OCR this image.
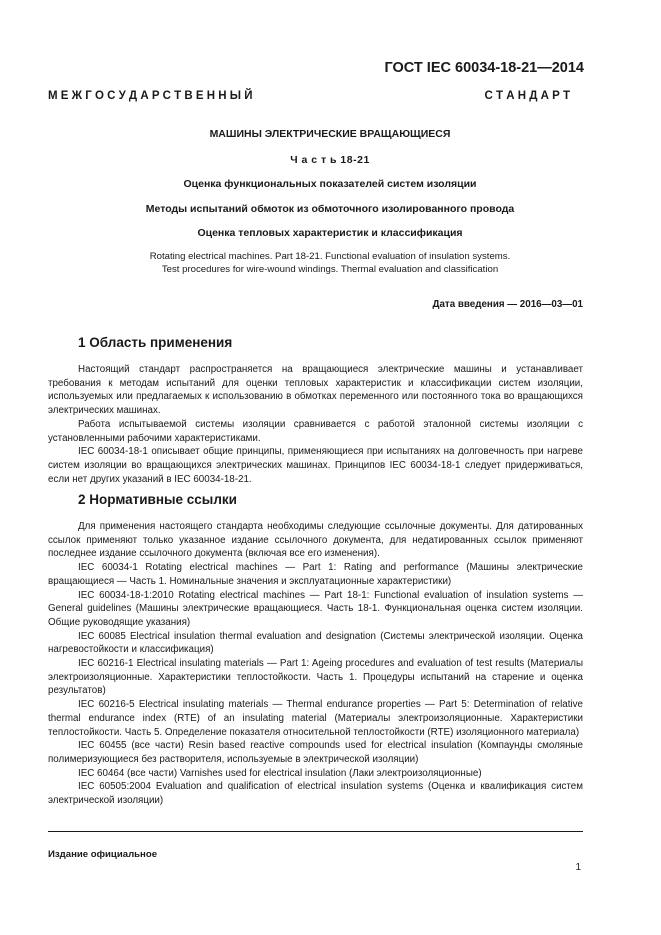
ГОСТ IEC 60034-18-21—2014
М Е Ж Г О С У Д А Р С Т В Е Н Н Ы Й	С Т А Н Д А Р Т
МАШИНЫ ЭЛЕКТРИЧЕСКИЕ ВРАЩАЮЩИЕСЯ
Ч а с т ь 18-21
Оценка функциональных показателей систем изоляции
Методы испытаний обмоток из обмоточного изолированного провода
Оценка тепловых характеристик и классификация
Rotating electrical machines. Part 18-21. Functional evaluation of insulation systems.
Test procedures for wire-wound windings. Thermal evaluation and classification
Дата введения — 2016—03—01
1 Область применения

Настоящий стандарт распространяется на вращающиеся электрические машины и устанавливает требования к методам испытаний для оценки тепловых характеристик и классификации систем изоляции, используемых или предлагаемых к использованию в обмотках переменного или постоянного тока во вращающихся электрических машинах.

Работа испытываемой системы изоляции сравнивается с работой эталонной системы изоляции с установленными рабочими характеристиками.

IEC 60034-18-1 описывает общие принципы, применяющиеся при испытаниях на долговечность при нагреве систем изоляции во вращающихся электрических машинах. Принципов IEC 60034-18-1 следует придерживаться, если нет других указаний в IEC 60034-18-21.

2 Нормативные ссылки

Для применения настоящего стандарта необходимы следующие ссылочные документы. Для датированных ссылок применяют только указанное издание ссылочного документа, для недатированных ссылок применяют последнее издание ссылочного документа (включая все его изменения).

IEC 60034-1 Rotating electrical machines — Part 1: Rating and performance (Машины электрические вращающиеся — Часть 1. Номинальные значения и эксплуатационные характеристики)

IEC 60034-18-1:2010 Rotating electrical machines — Part 18-1: Functional evaluation of insulation systems — General guidelines (Машины электрические вращающиеся. Часть 18-1. Функциональная оценка систем изоляции. Общие руководящие указания)

IEC 60085 Electrical insulation thermal evaluation and designation (Системы электрической изоляции. Оценка нагревостойкости и классификация)

IEC 60216-1 Electrical insulating materials — Part 1: Ageing procedures and evaluation of test results (Материалы электроизоляционные. Характеристики теплостойкости. Часть 1. Процедуры испытаний на старение и оценка результатов)

IEC 60216-5 Electrical insulating materials — Thermal endurance properties — Part 5: Determination of relative thermal endurance index (RTE) of an insulating material (Материалы электроизоляционные. Характеристики теплостойкости. Часть 5. Определение показателя относительной теплостойкости (RTE) изоляционного материала)

IEC 60455 (все части) Resin based reactive compounds used for electrical insulation (Компаунды смоляные полимеризующиеся без растворителя, используемые в электрической изоляции)

IEC 60464 (все части) Varnishes used for electrical insulation (Лаки электроизоляционные)

IEC 60505:2004 Evaluation and qualification of electrical insulation systems (Оценка и квалификация систем электрической изоляции)

Издание официальное
1
